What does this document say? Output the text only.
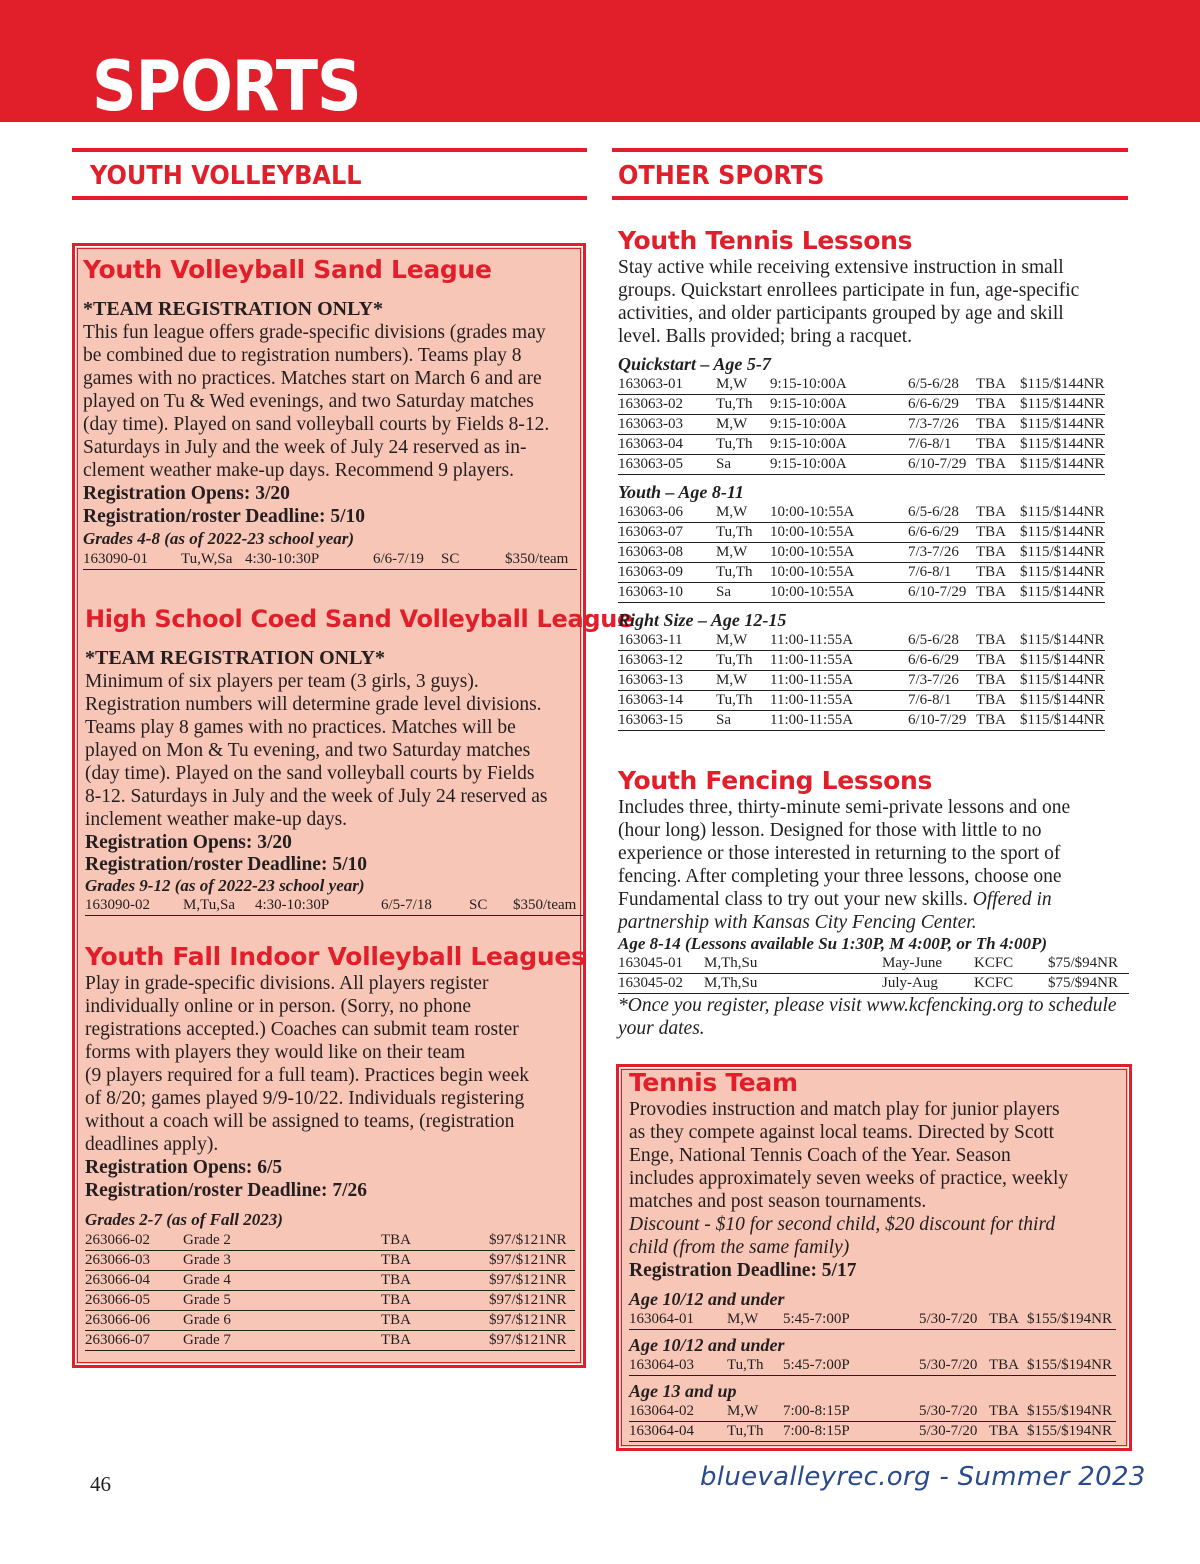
SPORTS
YOUTH VOLLEYBALL	OTHER SPORTS
Youth Volleyball Sand League
*TEAM REGISTRATION ONLY*
This fun league offers grade-specific divisions (grades may
be combined due to registration numbers). Teams play 8
games with no practices. Matches start on March 6 and are
played on Tu & Wed evenings, and two Saturday matches
(day time). Played on sand volleyball courts by Fields 8-12.
Saturdays in July and the week of July 24 reserved as in-
clement weather make-up days. Recommend 9 players.
Registration Opens: 3/20
Registration/roster Deadline: 5/10
Grades 4-8 (as of 2022-23 school year)
163090-01 Tu,W,Sa 4:30-10:30P	6/6-7/19 SC	$350/team
High School Coed Sand Volleyball League
*TEAM REGISTRATION ONLY*
Minimum of six players per team (3 girls, 3 guys).
Registration numbers will determine grade level divisions.
Teams play 8 games with no practices. Matches will be
played on Mon & Tu evening, and two Saturday matches
(day time). Played on the sand volleyball courts by Fields
8-12. Saturdays in July and the week of July 24 reserved as
inclement weather make-up days.
Registration Opens: 3/20
Registration/roster Deadline: 5/10
Grades 9-12 (as of 2022-23 school year)
163090-02 M,Tu,Sa 4:30-10:30P	6/5-7/18 SC $350/team
Youth Fall Indoor Volleyball Leagues
Play in grade-specific divisions. All players register
individually online or in person. (Sorry, no phone
registrations accepted.) Coaches can submit team roster
forms with players they would like on their team
(9 players required for a full team). Practices begin week
of 8/20; games played 9/9-10/22. Individuals registering
without a coach will be assigned to teams, (registration
deadlines apply).
Registration Opens: 6/5
Registration/roster Deadline: 7/26
Grades 2-7 (as of Fall 2023)
263066-02 Grade 2	TBA	$97/$121NR
263066-03 Grade 3	TBA	$97/$121NR
263066-04 Grade 4	TBA	$97/$121NR
263066-05 Grade 5	TBA	$97/$121NR
263066-06 Grade 6	TBA	$97/$121NR
263066-07 Grade 7	TBA	$97/$121NR
Youth Tennis Lessons
Stay active while receiving extensive instruction in small
groups. Quickstart enrollees participate in fun, age-specific
activities, and older participants grouped by age and skill
level. Balls provided; bring a racquet.
Quickstart – Age 5-7
163063-01 M,W 9:15-10:00A	6/5-6/28 TBA $115/$144NR
163063-02 Tu,Th 9:15-10:00A	6/6-6/29 TBA $115/$144NR
163063-03 M,W 9:15-10:00A	7/3-7/26 TBA $115/$144NR
163063-04 Tu,Th 9:15-10:00A	7/6-8/1 TBA $115/$144NR
163063-05 Sa	9:15-10:00A	6/10-7/29 TBA $115/$144NR
Youth – Age 8-11
163063-06 M,W 10:00-10:55A	6/5-6/28 TBA $115/$144NR
163063-07 Tu,Th 10:00-10:55A	6/6-6/29 TBA $115/$144NR
163063-08 M,W 10:00-10:55A	7/3-7/26 TBA $115/$144NR
163063-09 Tu,Th 10:00-10:55A	7/6-8/1 TBA $115/$144NR
163063-10 Sa	10:00-10:55A	6/10-7/29 TBA $115/$144NR
Right Size – Age 12-15
163063-11 M,W 11:00-11:55A	6/5-6/28 TBA $115/$144NR
163063-12 Tu,Th 11:00-11:55A	6/6-6/29 TBA $115/$144NR
163063-13 M,W 11:00-11:55A	7/3-7/26 TBA $115/$144NR
163063-14 Tu,Th 11:00-11:55A	7/6-8/1 TBA $115/$144NR
163063-15 Sa	11:00-11:55A	6/10-7/29 TBA $115/$144NR
Youth Fencing Lessons
Includes three, thirty-minute semi-private lessons and one
(hour long) lesson. Designed for those with little to no
experience or those interested in returning to the sport of
fencing. After completing your three lessons, choose one
Fundamental class to try out your new skills. Offered in
partnership with Kansas City Fencing Center.
Age 8-14 (Lessons available Su 1:30P, M 4:00P, or Th 4:00P)
163045-01 M,Th,Su	May-June KCFC $75/$94NR
163045-02 M,Th,Su	July-Aug KCFC $75/$94NR
*Once you register, please visit www.kcfencking.org to schedule
your dates.
Tennis Team
Provodies instruction and match play for junior players
as they compete against local teams. Directed by Scott
Enge, National Tennis Coach of the Year. Season
includes approximately seven weeks of practice, weekly
matches and post season tournaments.
Discount - $10 for second child, $20 discount for third
child (from the same family)
Registration Deadline: 5/17
Age 10/12 and under
163064-01 M,W 5:45-7:00P	5/30-7/20 TBA $155/$194NR
Age 10/12 and under
163064-03 Tu,Th 5:45-7:00P	5/30-7/20 TBA $155/$194NR
Age 13 and up
163064-02 M,W 7:00-8:15P	5/30-7/20 TBA $155/$194NR
163064-04 Tu,Th 7:00-8:15P	5/30-7/20 TBA $155/$194NR
46	bluevalleyrec.org - Summer 2023
